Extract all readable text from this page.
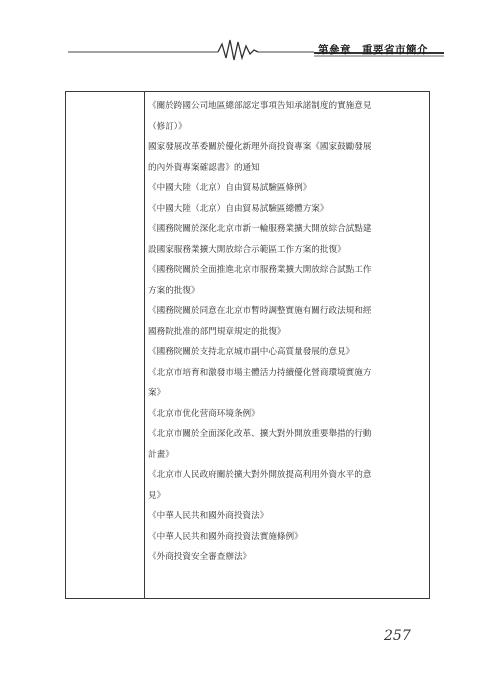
第參章　重要省市簡介
《關於跨國公司地區總部認定事項告知承諾制度的實施意見
（修訂）》
國家發展改革委關於優化新理外商投資專案《國家鼓勵發展
的內外資專案確認書》的通知
《中國大陸（北京）自由貿易試驗區條例》
《中國大陸（北京）自由貿易試驗區總體方案》
《國務院關於深化北京市新一輪服務業擴大開放綜合試點建
設國家服務業擴大開放綜合示範區工作方案的批復》
《國務院關於全面推進北京市服務業擴大開放綜合試點工作
方案的批復》
《國務院關於同意在北京市暫時調整實施有關行政法規和經
國務院批准的部門規章規定的批復》
《國務院關於支持北京城市副中心高質量發展的意見》
《北京市培育和激發市場主體活力持續優化營商環境實施方
案》
《北京市优化营商环境条例》
《北京市關於全面深化改革、擴大對外開放重要舉措的行動
計畫》
《北京市人民政府關於擴大對外開放提高利用外資水平的意
見》
《中華人民共和國外商投資法》
《中華人民共和國外商投資法實施條例》
《外商投資安全審查辦法》
257
